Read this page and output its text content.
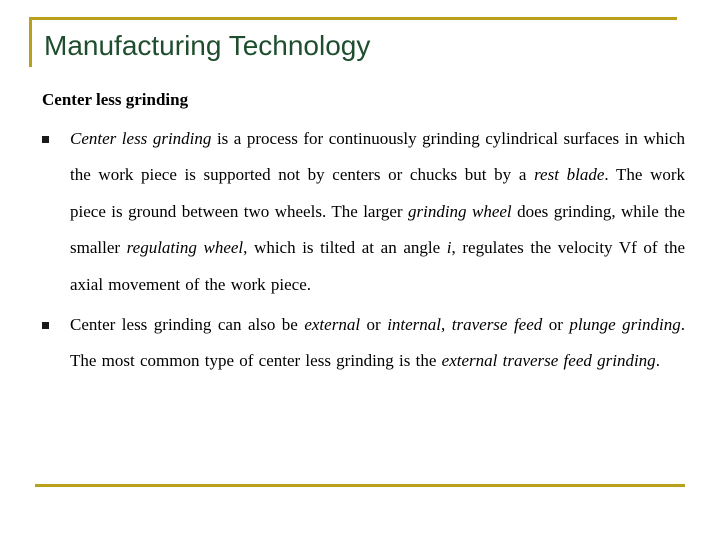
Manufacturing Technology
Center less grinding
Center less grinding is a process for continuously grinding cylindrical surfaces in which the work piece is supported not by centers or chucks but by a rest blade. The work piece is ground between two wheels. The larger grinding wheel does grinding, while the smaller regulating wheel, which is tilted at an angle i, regulates the velocity Vf of the axial movement of the work piece.
Center less grinding can also be external or internal, traverse feed or plunge grinding. The most common type of center less grinding is the external traverse feed grinding.
